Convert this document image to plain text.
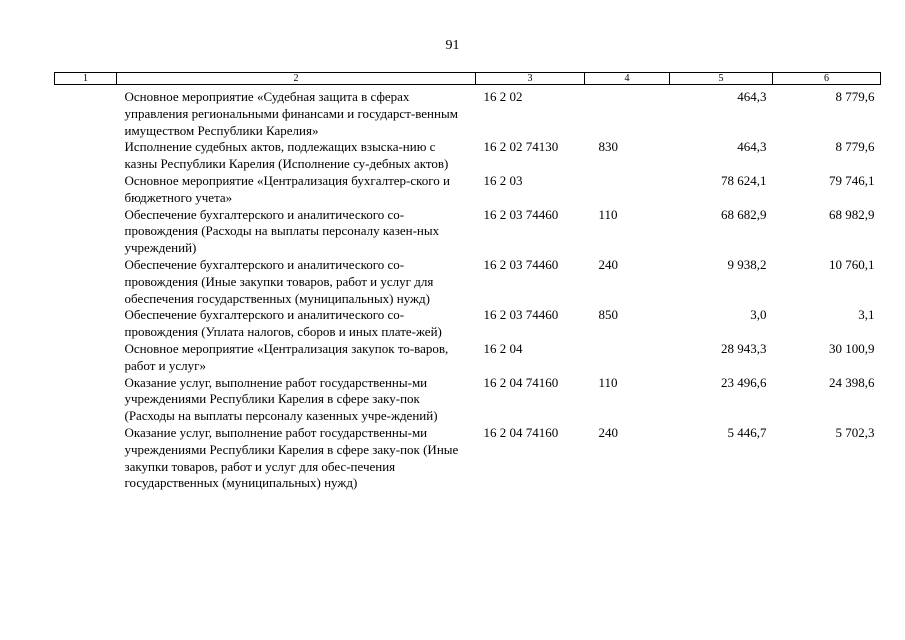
91
1	2	3	4	5	6
	Основное мероприятие «Судебная защита в сферах управления региональными финансами и государст-венным имуществом Республики Карелия»	16 2 02		464,3	8 779,6
	Исполнение судебных актов, подлежащих взыска-нию с казны Республики Карелия (Исполнение су-дебных актов)	16 2 02 74130	830	464,3	8 779,6
	Основное мероприятие «Централизация бухгалтер-ского и бюджетного учета»	16 2 03		78 624,1	79 746,1
	Обеспечение бухгалтерского и аналитического со-провождения (Расходы на выплаты персоналу казен-ных учреждений)	16 2 03 74460	110	68 682,9	68 982,9
	Обеспечение бухгалтерского и аналитического со-провождения (Иные закупки товаров, работ и услуг для обеспечения государственных (муниципальных) нужд)	16 2 03 74460	240	9 938,2	10 760,1
	Обеспечение бухгалтерского и аналитического со-провождения (Уплата налогов, сборов и иных плате-жей)	16 2 03 74460	850	3,0	3,1
	Основное мероприятие «Централизация закупок то-варов, работ и услуг»	16 2 04		28 943,3	30 100,9
	Оказание услуг, выполнение работ государственны-ми учреждениями Республики Карелия в сфере заку-пок (Расходы на выплаты персоналу казенных учре-ждений)	16 2 04 74160	110	23 496,6	24 398,6
	Оказание услуг, выполнение работ государственны-ми учреждениями Республики Карелия в сфере заку-пок (Иные закупки товаров, работ и услуг для обес-печения государственных (муниципальных) нужд)	16 2 04 74160	240	5 446,7	5 702,3
